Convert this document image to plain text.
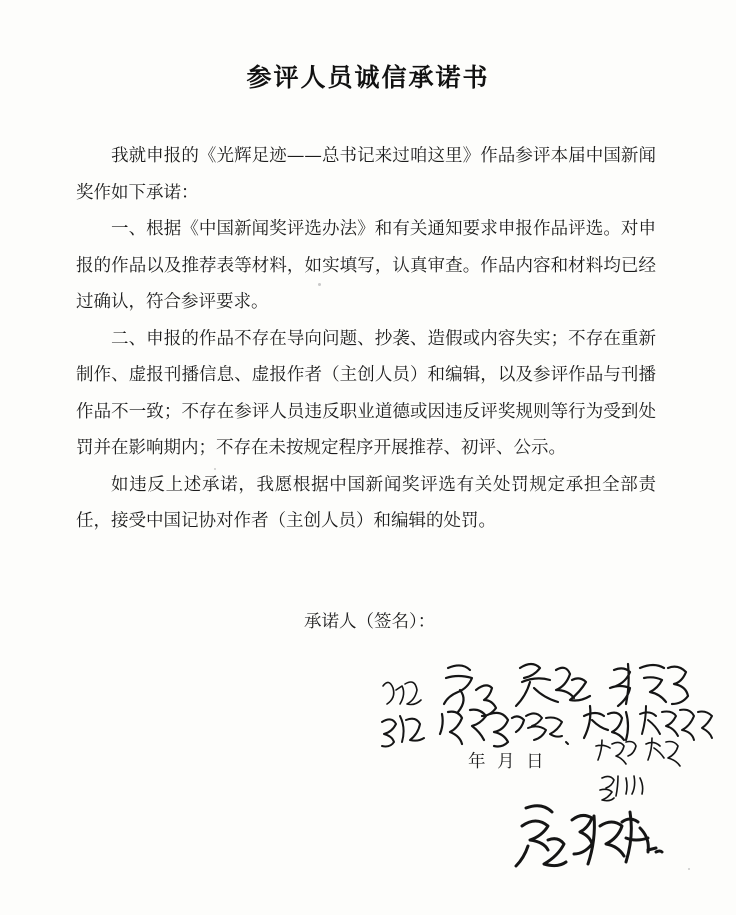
参评人员诚信承诺书

我就申报的《光辉足迹——总书记来过咱这里》作品参评本届中国新闻奖作如下承诺：

一、根据《中国新闻奖评选办法》和有关通知要求申报作品评选。对申报的作品以及推荐表等材料，如实填写，认真审查。作品内容和材料均已经过确认，符合参评要求。

二、申报的作品不存在导向问题、抄袭、造假或内容失实；不存在重新制作、虚报刊播信息、虚报作者（主创人员）和编辑，以及参评作品与刊播作品不一致；不存在参评人员违反职业道德或因违反评奖规则等行为受到处罚并在影响期内；不存在未按规定程序开展推荐、初评、公示。

如违反上述承诺，我愿根据中国新闻奖评选有关处罚规定承担全部责任，接受中国记协对作者（主创人员）和编辑的处罚。

承诺人（签名）：
年 月 日
